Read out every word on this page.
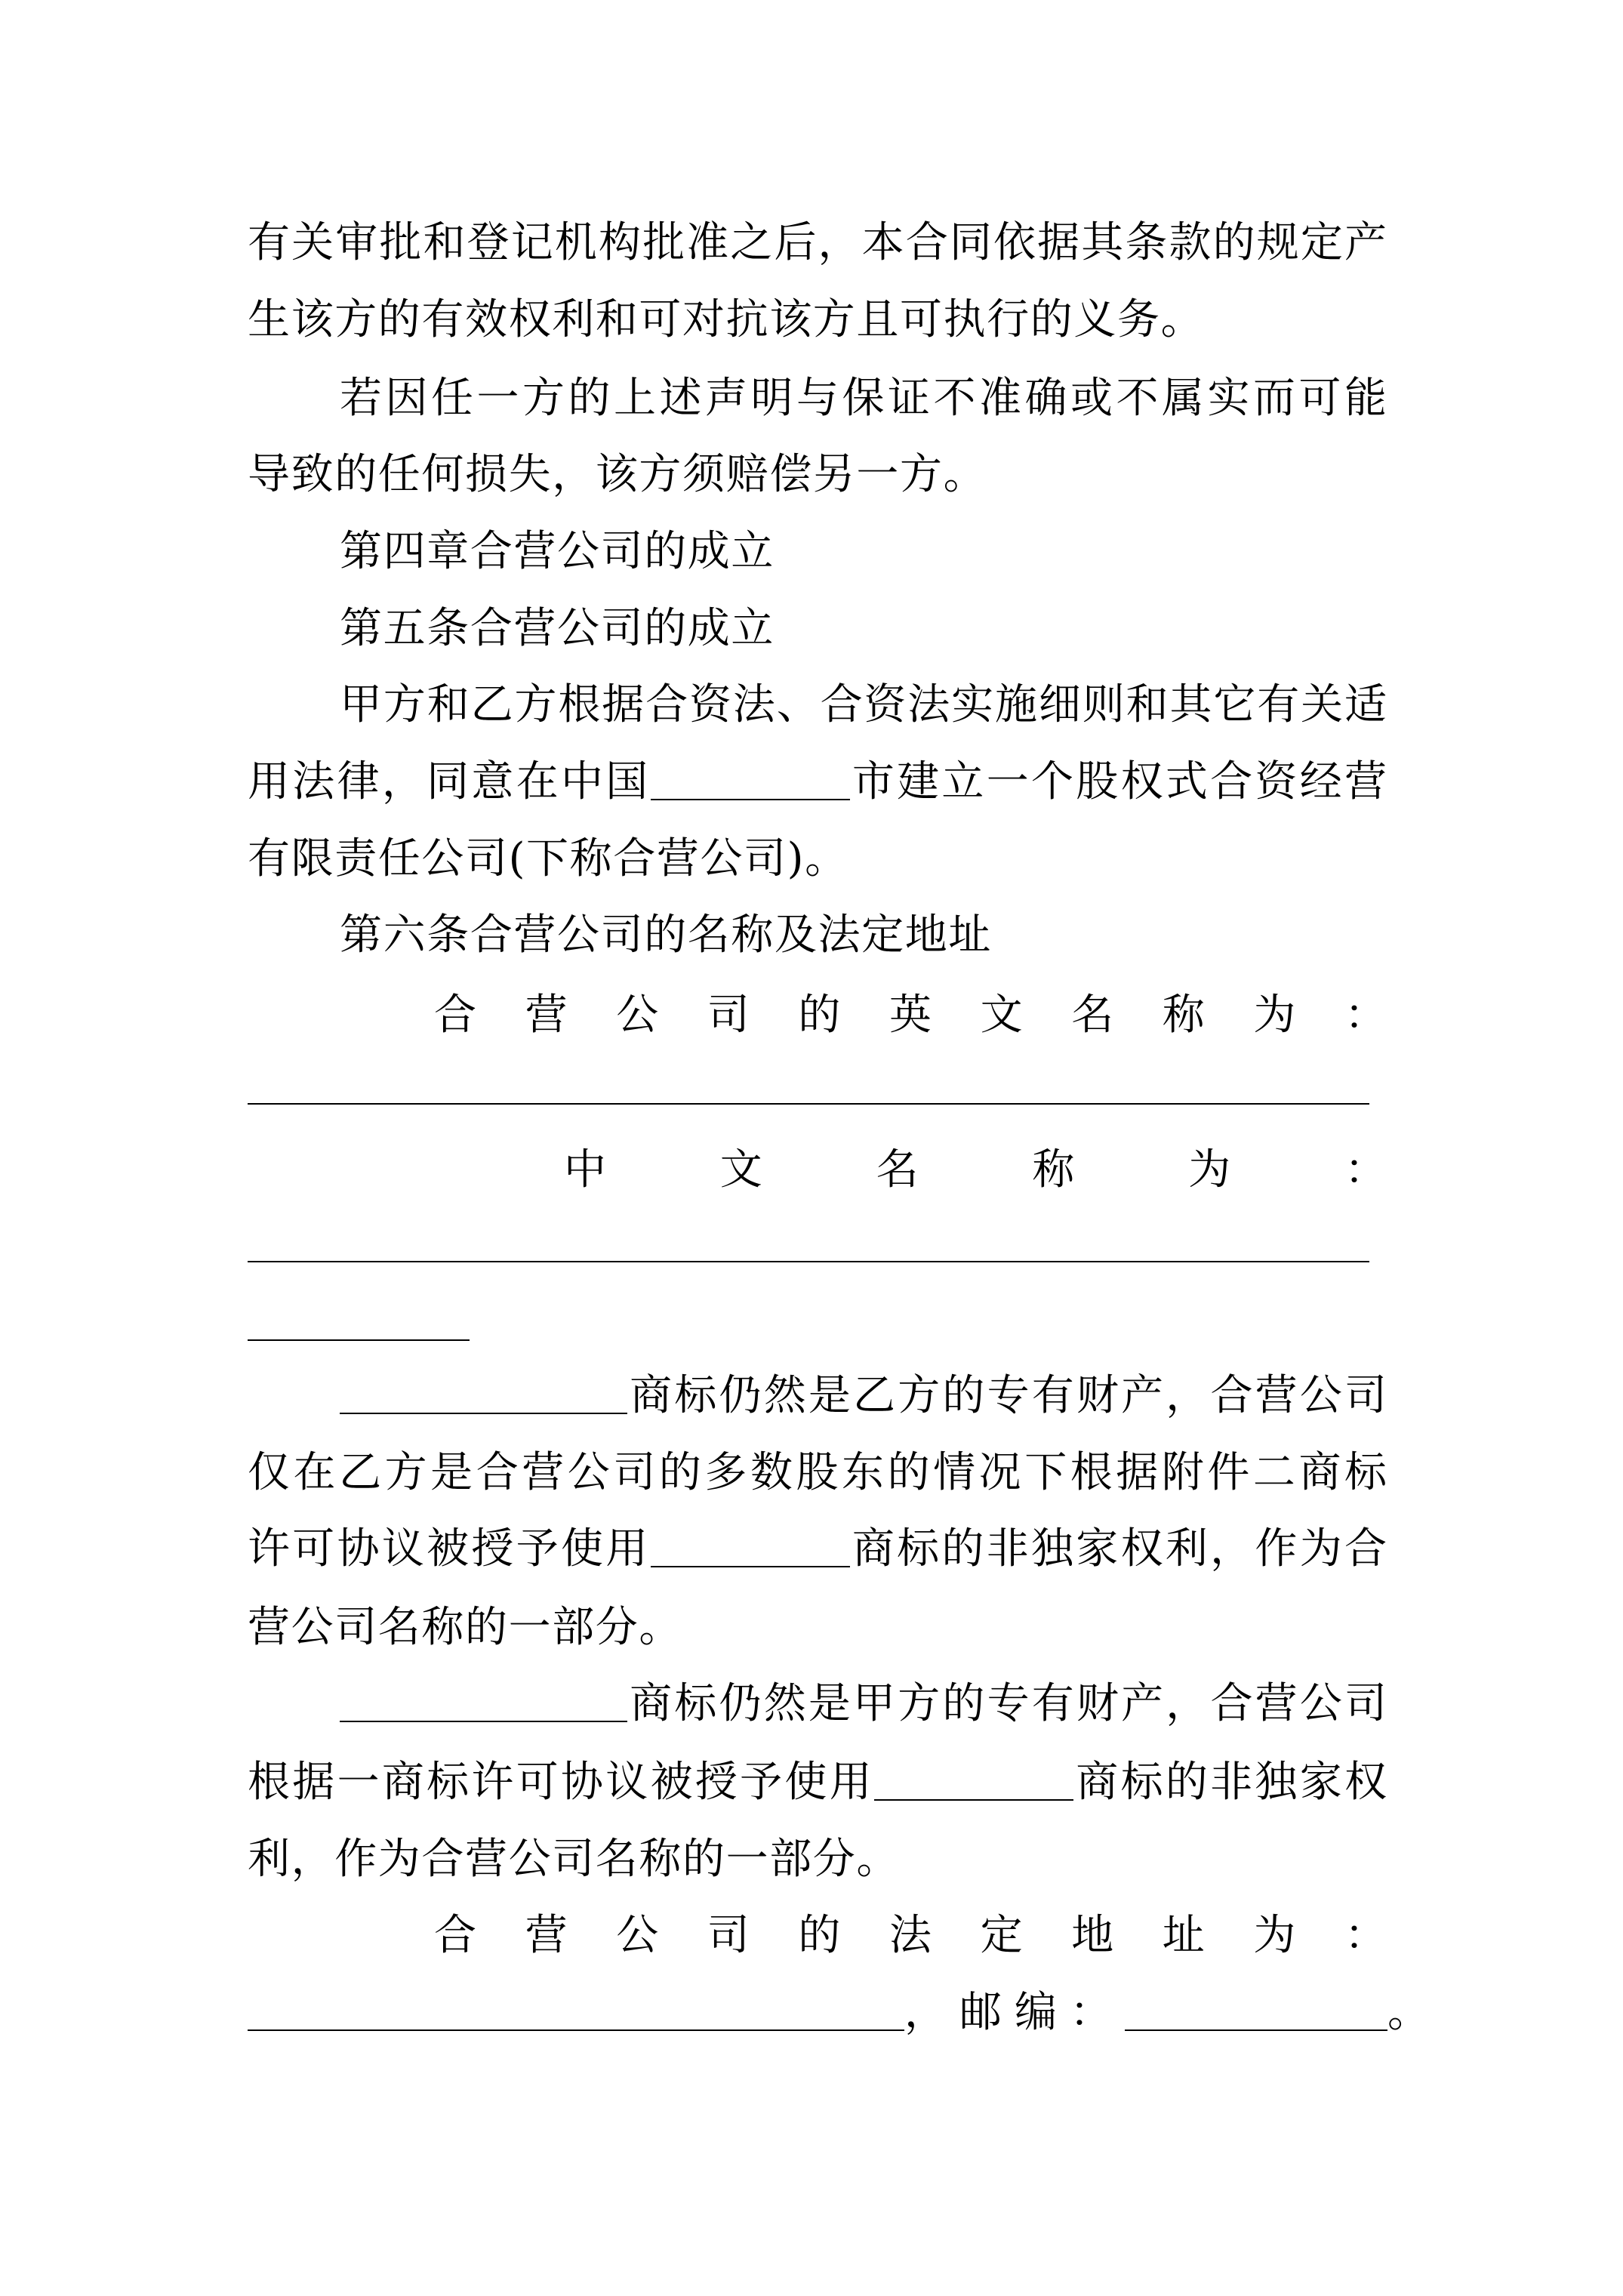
有关审批和登记机构批准之后，本合同依据其条款的规定产
生该方的有效权利和可对抗该方且可执行的义务。
若因任一方的上述声明与保证不准确或不属实而可能
导致的任何损失，该方须赔偿另一方。
第四章合营公司的成立
第五条合营公司的成立
甲方和乙方根据合资法、合资法实施细则和其它有关适
用法律，同意在中国	市建立一个股权式合资经营
有限责任公司(下称合营公司)。
第六条合营公司的名称及法定地址
合营公司的英文名称为：
中文名称为：
商标仍然是乙方的专有财产，合营公司
仅在乙方是合营公司的多数股东的情况下根据附件二商标
许可协议被授予使用	商标的非独家权利，作为合
营公司名称的一部分。
商标仍然是甲方的专有财产，合营公司
根据一商标许可协议被授予使用	商标的非独家权
利，作为合营公司名称的一部分。
合营公司的法定地址为：
，邮编：	。
